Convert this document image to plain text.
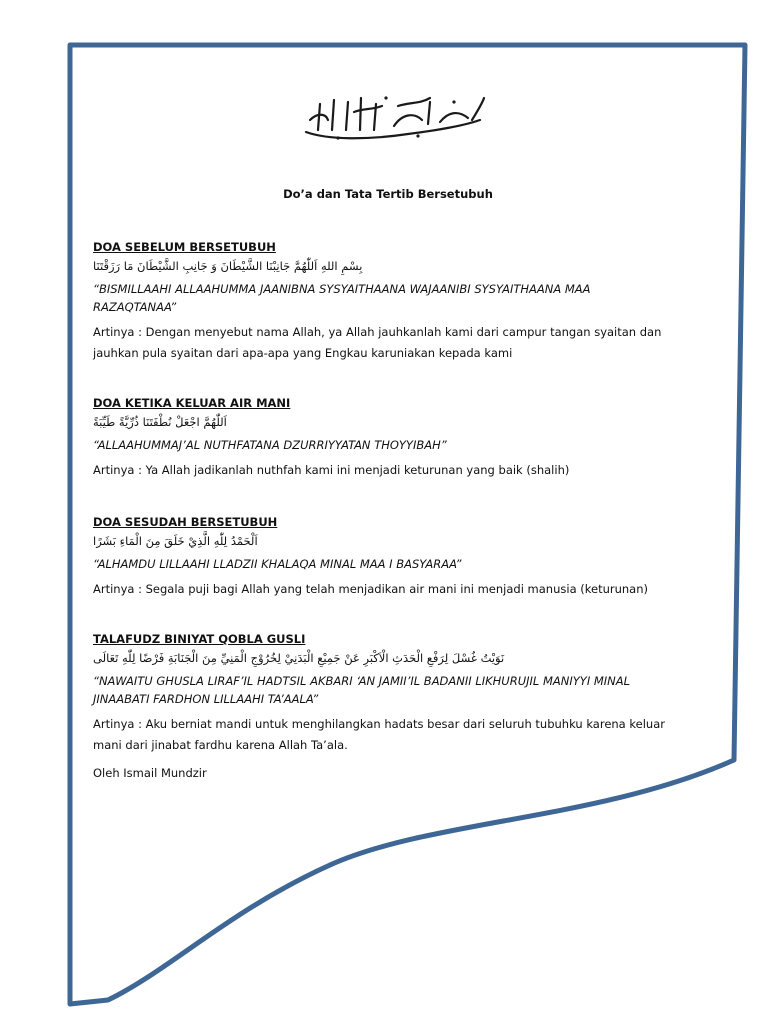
Do’a dan Tata Tertib Bersetubuh
DOA SEBELUM BERSETUBUH
بِسْمِ اللهِ اَللّٰهُمَّ جَانِبْنَا الشَّيْطَانَ وَ جَانِبِ الشَّيْطَانَ مَا رَزَقْتَنَا
“BISMILLAAHI ALLAAHUMMA JAANIBNA SYSYAITHAANA WAJAANIBI SYSYAITHAANA MAA RAZAQTANAA”
Artinya : Dengan menyebut nama Allah, ya Allah jauhkanlah kami dari campur tangan syaitan dan jauhkan pula syaitan dari apa-apa yang Engkau karuniakan kepada kami
DOA KETIKA KELUAR AIR MANI
اَللّٰهُمَّ اجْعَلْ نُطْفَتَنَا ذُرِّيَّةً طَيِّبَةً
“ALLAAHUMMAJ’AL NUTHFATANA DZURRIYYATAN THOYYIBAH”
Artinya : Ya Allah jadikanlah nuthfah kami ini menjadi keturunan yang baik (shalih)
DOA SESUDAH BERSETUBUH
اَلْحَمْدُ لِلّٰهِ الَّذِيْ خَلَقَ مِنَ الْمَاءِ بَشَرًا
“ALHAMDU LILLAAHI LLADZII KHALAQA MINAL MAA I BASYARAA”
Artinya : Segala puji bagi Allah yang telah menjadikan air mani ini menjadi manusia (keturunan)
TALAFUDZ BINIYAT QOBLA GUSLI
نَوَيْتُ غُسْلَ لِرَفْعِ الْحَدَثِ الْاَكْبَرِ عَنْ جَمِيْعِ الْبَدَنِيْ لِخُرُوْجِ الْمَنِيِّ مِنَ الْجَنَابَةِ فَرْضًا لِلّٰهِ تَعَالَى
“NAWAITU GHUSLA LIRAF’IL HADTSIL AKBARI ‘AN JAMII’IL BADANII LIKHURUJIL MANIYYI MINAL JINAABATI FARDHON LILLAAHI TA’AALA”
Artinya : Aku berniat mandi untuk menghilangkan hadats besar dari seluruh tubuhku karena keluar mani dari jinabat fardhu karena Allah Ta’ala.
Oleh Ismail Mundzir
